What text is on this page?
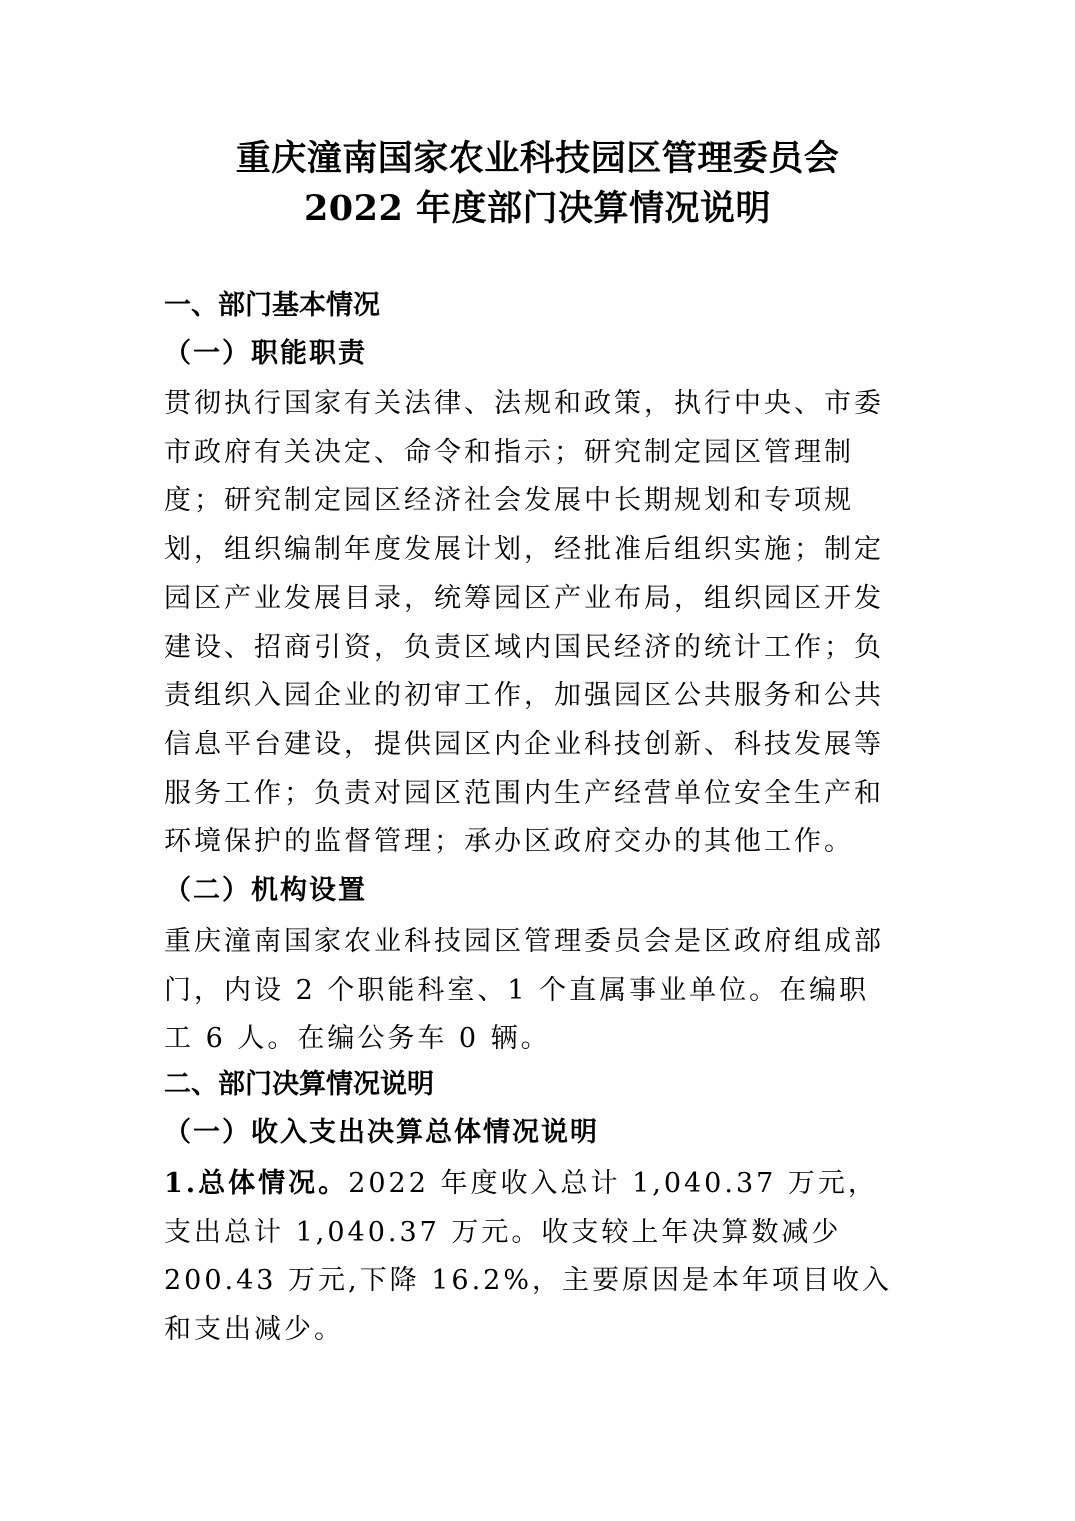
重庆潼南国家农业科技园区管理委员会
2022 年度部门决算情况说明
一、部门基本情况
（一）职能职责

贯彻执行国家有关法律、法规和政策，执行中央、市委市政府有关决定、命令和指示；研究制定园区管理制度；研究制定园区经济社会发展中长期规划和专项规划，组织编制年度发展计划，经批准后组织实施；制定园区产业发展目录，统筹园区产业布局，组织园区开发建设、招商引资，负责区域内国民经济的统计工作；负责组织入园企业的初审工作，加强园区公共服务和公共信息平台建设，提供园区内企业科技创新、科技发展等服务工作；负责对园区范围内生产经营单位安全生产和环境保护的监督管理；承办区政府交办的其他工作。

（二）机构设置

重庆潼南国家农业科技园区管理委员会是区政府组成部门，内设 2 个职能科室、1 个直属事业单位。在编职工 6 人。在编公务车 0 辆。

二、部门决算情况说明
（一）收入支出决算总体情况说明

1.总体情况。2022 年度收入总计 1,040.37 万元，支出总计 1,040.37 万元。收支较上年决算数减少 200.43 万元,下降 16.2%，主要原因是本年项目收入和支出减少。
